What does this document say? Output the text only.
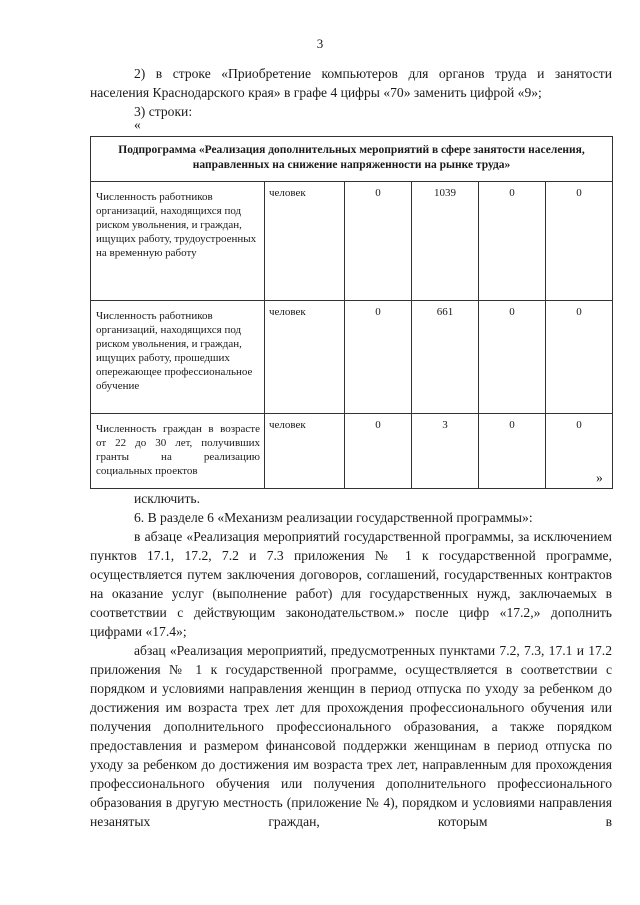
3

2) в строке «Приобретение компьютеров для органов труда и занятости

населения Краснодарского края» в графе 4 цифры «70» заменить цифрой «9»;

3) строки:

«
Подпрограмма «Реализация дополнительных мероприятий в сфере занятости населения, направленных на снижение напряженности на рынке труда»					
Численность работников организаций, находящихся под риском увольнения, и граждан, ищущих работу, трудоустроенных на временную работу	человек	0	1039	0	0
Численность работников организаций, находящихся под риском увольнения, и граждан, ищущих работу, прошедших опережающее профессиональное обучение	человек	0	661	0	0
Численность граждан в возрасте от 22 до 30 лет, получивших гранты на реализацию социальных проектов	человек	0	3	0	0
»

исключить.

6. В разделе 6 «Механизм реализации государственной программы»:

в абзаце «Реализация мероприятий государственной программы, за исключением пунктов 17.1, 17.2, 7.2 и 7.3 приложения № 1 к государственной программе, осуществляется путем заключения договоров, соглашений, государственных контрактов на оказание услуг (выполнение работ) для государственных нужд, заключаемых в соответствии с действующим законодательством.» после цифр «17.2,» дополнить цифрами «17.4»;

абзац «Реализация мероприятий, предусмотренных пунктами 7.2, 7.3, 17.1 и 17.2 приложения № 1 к государственной программе, осуществляется в соответствии с порядком и условиями направления женщин в период отпуска по уходу за ребенком до достижения им возраста трех лет для прохождения профессионального обучения или получения дополнительного профессионального образования, а также порядком предоставления и размером финансовой поддержки женщинам в период отпуска по уходу за ребенком до достижения им возраста трех лет, направленным для прохождения профессионального обучения или получения дополнительного профессионального образования в другую местность (приложение № 4), порядком и условиями направления незанятых граждан, которым в
